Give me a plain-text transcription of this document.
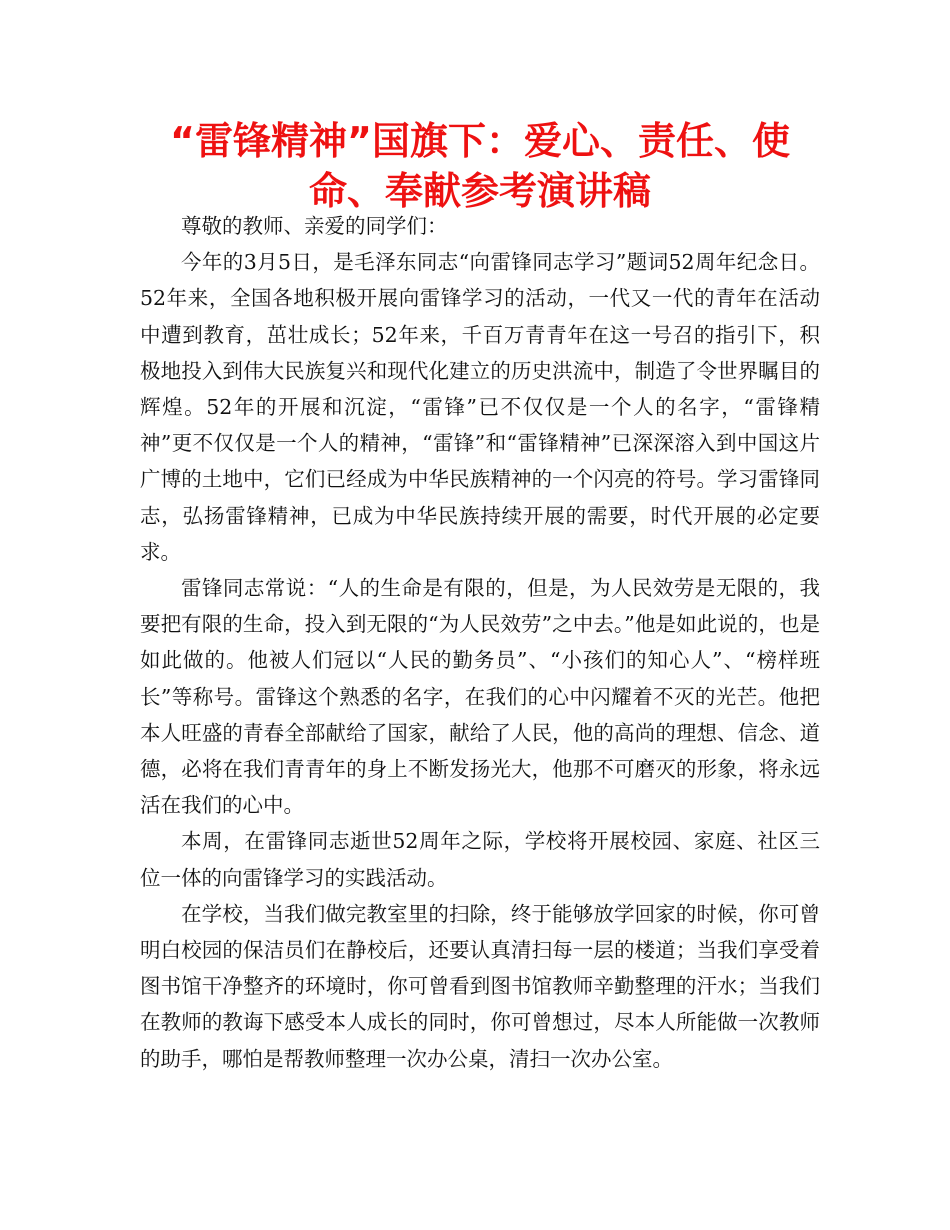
“雷锋精神”国旗下：爱心、责任、使命、奉献参考演讲稿

尊敬的教师、亲爱的同学们：

今年的3月5日，是毛泽东同志“向雷锋同志学习”题词52周年纪念日。52年来，全国各地积极开展向雷锋学习的活动，一代又一代的青年在活动中遭到教育，茁壮成长；52年来，千百万青青年在这一号召的指引下，积极地投入到伟大民族复兴和现代化建立的历史洪流中，制造了令世界瞩目的辉煌。52年的开展和沉淀，“雷锋”已不仅仅是一个人的名字，“雷锋精神”更不仅仅是一个人的精神，“雷锋”和“雷锋精神”已深深溶入到中国这片广博的土地中，它们已经成为中华民族精神的一个闪亮的符号。学习雷锋同志，弘扬雷锋精神，已成为中华民族持续开展的需要，时代开展的必定要求。

雷锋同志常说：“人的生命是有限的，但是，为人民效劳是无限的，我要把有限的生命，投入到无限的“为人民效劳”之中去。”他是如此说的，也是如此做的。他被人们冠以“人民的勤务员”、“小孩们的知心人”、“榜样班长”等称号。雷锋这个熟悉的名字，在我们的心中闪耀着不灭的光芒。他把本人旺盛的青春全部献给了国家，献给了人民，他的高尚的理想、信念、道德，必将在我们青青年的身上不断发扬光大，他那不可磨灭的形象，将永远活在我们的心中。

本周，在雷锋同志逝世52周年之际，学校将开展校园、家庭、社区三位一体的向雷锋学习的实践活动。

在学校，当我们做完教室里的扫除，终于能够放学回家的时候，你可曾明白校园的保洁员们在静校后，还要认真清扫每一层的楼道；当我们享受着图书馆干净整齐的环境时，你可曾看到图书馆教师辛勤整理的汗水；当我们在教师的教诲下感受本人成长的同时，你可曾想过，尽本人所能做一次教师的助手，哪怕是帮教师整理一次办公桌，清扫一次办公室。
